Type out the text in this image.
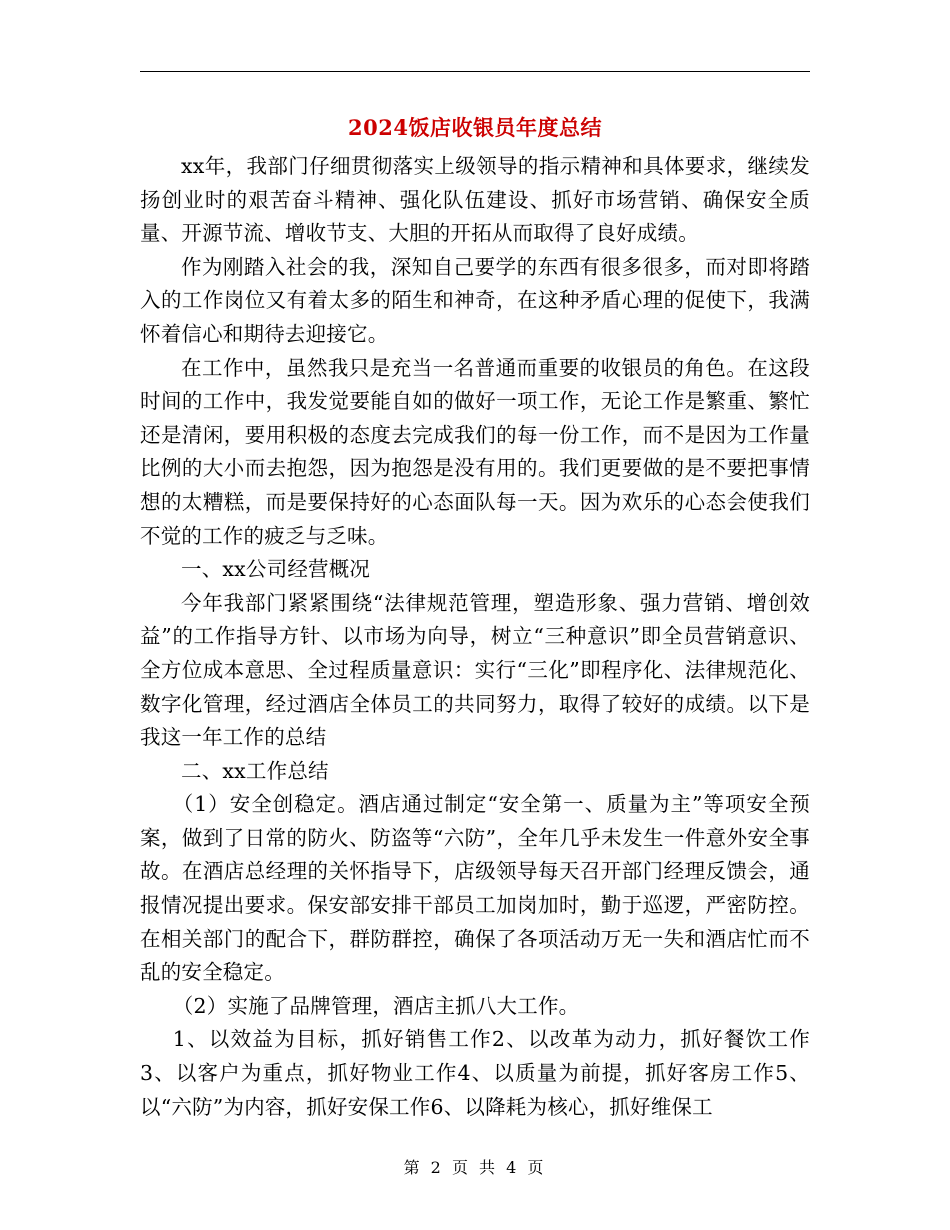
2024饭店收银员年度总结

xx年，我部门仔细贯彻落实上级领导的指示精神和具体要求，继续发扬创业时的艰苦奋斗精神、强化队伍建设、抓好市场营销、确保安全质量、开源节流、增收节支、大胆的开拓从而取得了良好成绩。

作为刚踏入社会的我，深知自己要学的东西有很多很多，而对即将踏入的工作岗位又有着太多的陌生和神奇，在这种矛盾心理的促使下，我满怀着信心和期待去迎接它。

在工作中，虽然我只是充当一名普通而重要的收银员的角色。在这段时间的工作中，我发觉要能自如的做好一项工作，无论工作是繁重、繁忙还是清闲，要用积极的态度去完成我们的每一份工作，而不是因为工作量比例的大小而去抱怨，因为抱怨是没有用的。我们更要做的是不要把事情想的太糟糕，而是要保持好的心态面队每一天。因为欢乐的心态会使我们不觉的工作的疲乏与乏味。

一、xx公司经营概况

今年我部门紧紧围绕“法律规范管理，塑造形象、强力营销、增创效益”的工作指导方针、以市场为向导，树立“三种意识”即全员营销意识、全方位成本意思、全过程质量意识：实行“三化”即程序化、法律规范化、数字化管理，经过酒店全体员工的共同努力，取得了较好的成绩。以下是我这一年工作的总结

二、xx工作总结

（1）安全创稳定。酒店通过制定“安全第一、质量为主”等项安全预案，做到了日常的防火、防盗等“六防”，全年几乎未发生一件意外安全事故。在酒店总经理的关怀指导下，店级领导每天召开部门经理反馈会，通报情况提出要求。保安部安排干部员工加岗加时，勤于巡逻，严密防控。在相关部门的配合下，群防群控，确保了各项活动万无一失和酒店忙而不乱的安全稳定。

（2）实施了品牌管理，酒店主抓八大工作。

1、以效益为目标，抓好销售工作2、以改革为动力，抓好餐饮工作 3、以客户为重点，抓好物业工作4、以质量为前提，抓好客房工作5、以“六防”为内容，抓好安保工作6、以降耗为核心，抓好维保工

第 2 页 共 4 页
